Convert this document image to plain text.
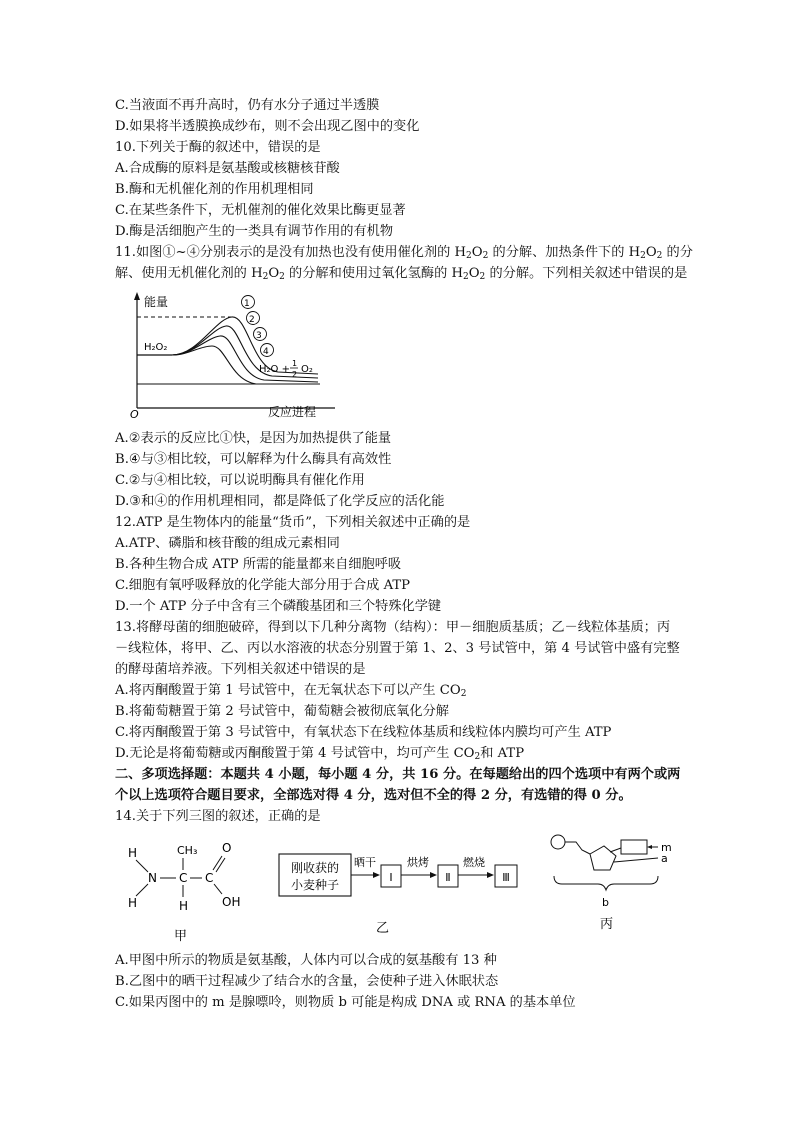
C.当液面不再升高时，仍有水分子通过半透膜
D.如果将半透膜换成纱布，则不会出现乙图中的变化
10.下列关于酶的叙述中，错误的是
A.合成酶的原料是氨基酸或核糖核苷酸
B.酶和无机催化剂的作用机理相同
C.在某些条件下，无机催剂的催化效果比酶更显著
D.酶是活细胞产生的一类具有调节作用的有机物
11.如图①~④分别表示的是没有加热也没有使用催化剂的 $H_2O_2$ 的分解、加热条件下的 $H_2O_2$ 的分
解、使用无机催化剂的 $H_2O_2$ 的分解和使用过氧化氢酶的 $H_2O_2$ 的分解。下列相关叙述中错误的是
能量
O	反应进程
H₂O₂
1
2
3
4
H₂O +
1
2 O₂
A.②表示的反应比①快，是因为加热提供了能量
B.④与③相比较，可以解释为什么酶具有高效性
C.②与④相比较，可以说明酶具有催化作用
D.③和④的作用机理相同，都是降低了化学反应的活化能
12.ATP 是生物体内的能量“货币”，下列相关叙述中正确的是
A.ATP、磷脂和核苷酸的组成元素相同
B.各种生物合成 ATP 所需的能量都来自细胞呼吸
C.细胞有氧呼吸释放的化学能大部分用于合成 ATP
D.一个 ATP 分子中含有三个磷酸基团和三个特殊化学键
13.将酵母菌的细胞破碎，得到以下几种分离物（结构）：甲－细胞质基质；乙－线粒体基质；丙
－线粒体，将甲、乙、丙以水溶液的状态分别置于第 1、2、3 号试管中，第 4 号试管中盛有完整
的酵母菌培养液。下列相关叙述中错误的是
A.将丙酮酸置于第 1 号试管中，在无氧状态下可以产生 $CO_2$
B.将葡萄糖置于第 2 号试管中，葡萄糖会被彻底氧化分解
C.将丙酮酸置于第 3 号试管中，有氧状态下在线粒体基质和线粒体内膜均可产生 ATP
D.无论是将葡萄糖或丙酮酸置于第 4 号试管中，均可产生 $CO_2$和 ATP
二、多项选择题：本题共 4 小题，每小题 4 分，共 16 分。在每题给出的四个选项中有两个或两
个以上选项符合题目要求，全部选对得 4 分，选对但不全的得 2 分，有选错的得 0 分。
14.关于下列三图的叙述，正确的是
H
H
N C
CH₃
H
C
O
OH
甲
刚收获的
小麦种子
晒干
Ⅰ
烘烤
Ⅱ
燃烧
Ⅲ
乙
m
a
b
丙
A.甲图中所示的物质是氨基酸，人体内可以合成的氨基酸有 13 种
B.乙图中的晒干过程减少了结合水的含量，会使种子进入休眠状态
C.如果丙图中的 m 是腺嘌呤，则物质 b 可能是构成 DNA 或 RNA 的基本单位
